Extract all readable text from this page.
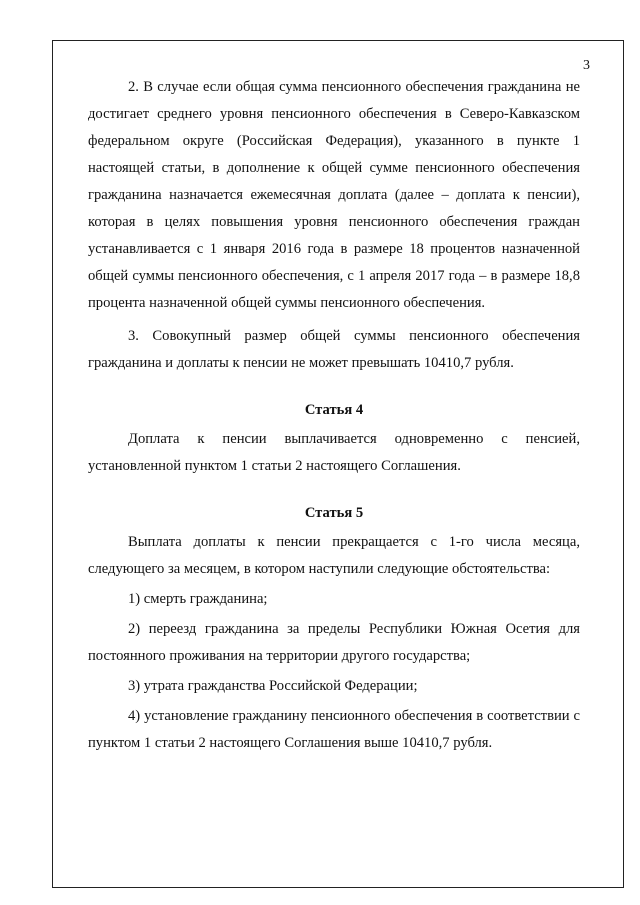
3

2. В случае если общая сумма пенсионного обеспечения гражданина не достигает среднего уровня пенсионного обеспечения в Северо-Кавказском федеральном округе (Российская Федерация), указанного в пункте 1 настоящей статьи, в дополнение к общей сумме пенсионного обеспечения гражданина назначается ежемесячная доплата (далее – доплата к пенсии), которая в целях повышения уровня пенсионного обеспечения граждан устанавливается с 1 января 2016 года в размере 18 процентов назначенной общей суммы пенсионного обеспечения, с 1 апреля 2017 года – в размере 18,8 процента назначенной общей суммы пенсионного обеспечения.

3. Совокупный размер общей суммы пенсионного обеспечения гражданина и доплаты к пенсии не может превышать 10410,7 рубля.

Статья 4

Доплата к пенсии выплачивается одновременно с пенсией, установленной пунктом 1 статьи 2 настоящего Соглашения.

Статья 5

Выплата доплаты к пенсии прекращается с 1-го числа месяца, следующего за месяцем, в котором наступили следующие обстоятельства:

1) смерть гражданина;

2) переезд гражданина за пределы Республики Южная Осетия для постоянного проживания на территории другого государства;

3) утрата гражданства Российской Федерации;

4) установление гражданину пенсионного обеспечения в соответствии с пунктом 1 статьи 2 настоящего Соглашения выше 10410,7 рубля.
